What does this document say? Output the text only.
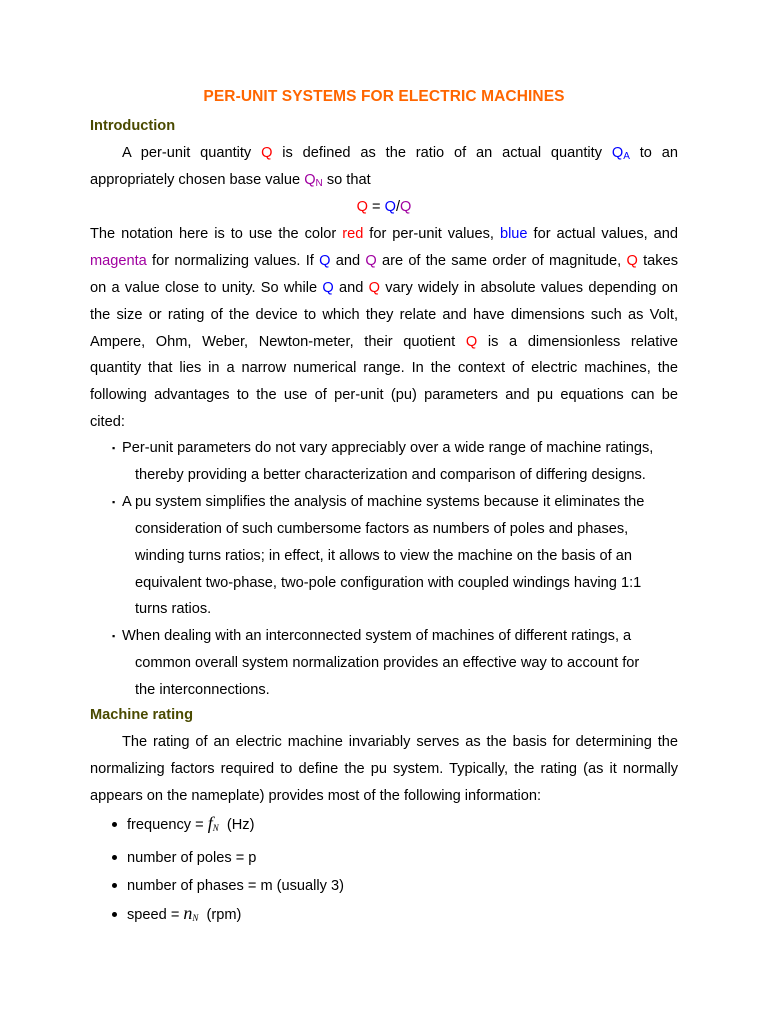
PER-UNIT SYSTEMS FOR ELECTRIC MACHINES
Introduction
A per-unit quantity Q is defined as the ratio of an actual quantity $Q_A$ to an
appropriately chosen base value $Q_N$ so that
Q = Q/Q
The notation here is to use the color red for per-unit values, blue for actual values, and
magenta for normalizing values. If Q and Q are of the same order of magnitude, Q takes
on a value close to unity. So while Q and Q vary widely in absolute values depending on
the size or rating of the device to which they relate and have dimensions such as Volt,
Ampere, Ohm, Weber, Newton-meter, their quotient Q is a dimensionless relative
quantity that lies in a narrow numerical range. In the context of electric machines, the
following advantages to the use of per-unit (pu) parameters and pu equations can be
cited:
▪ Per-unit parameters do not vary appreciably over a wide range of machine ratings,
thereby providing a better characterization and comparison of differing designs.
▪ A pu system simplifies the analysis of machine systems because it eliminates the
consideration of such cumbersome factors as numbers of poles and phases,
winding turns ratios; in effect, it allows to view the machine on the basis of an
equivalent two-phase, two-pole configuration with coupled windings having 1:1
turns ratios.
▪ When dealing with an interconnected system of machines of different ratings, a
common overall system normalization provides an effective way to account for
the interconnections.
Machine rating
The rating of an electric machine invariably serves as the basis for determining the
normalizing factors required to define the pu system. Typically, the rating (as it normally
appears on the nameplate) provides most of the following information:
frequency = $f_N$  (Hz)
number of poles = p
number of phases = m (usually 3)
speed = $n_N$  (rpm)
